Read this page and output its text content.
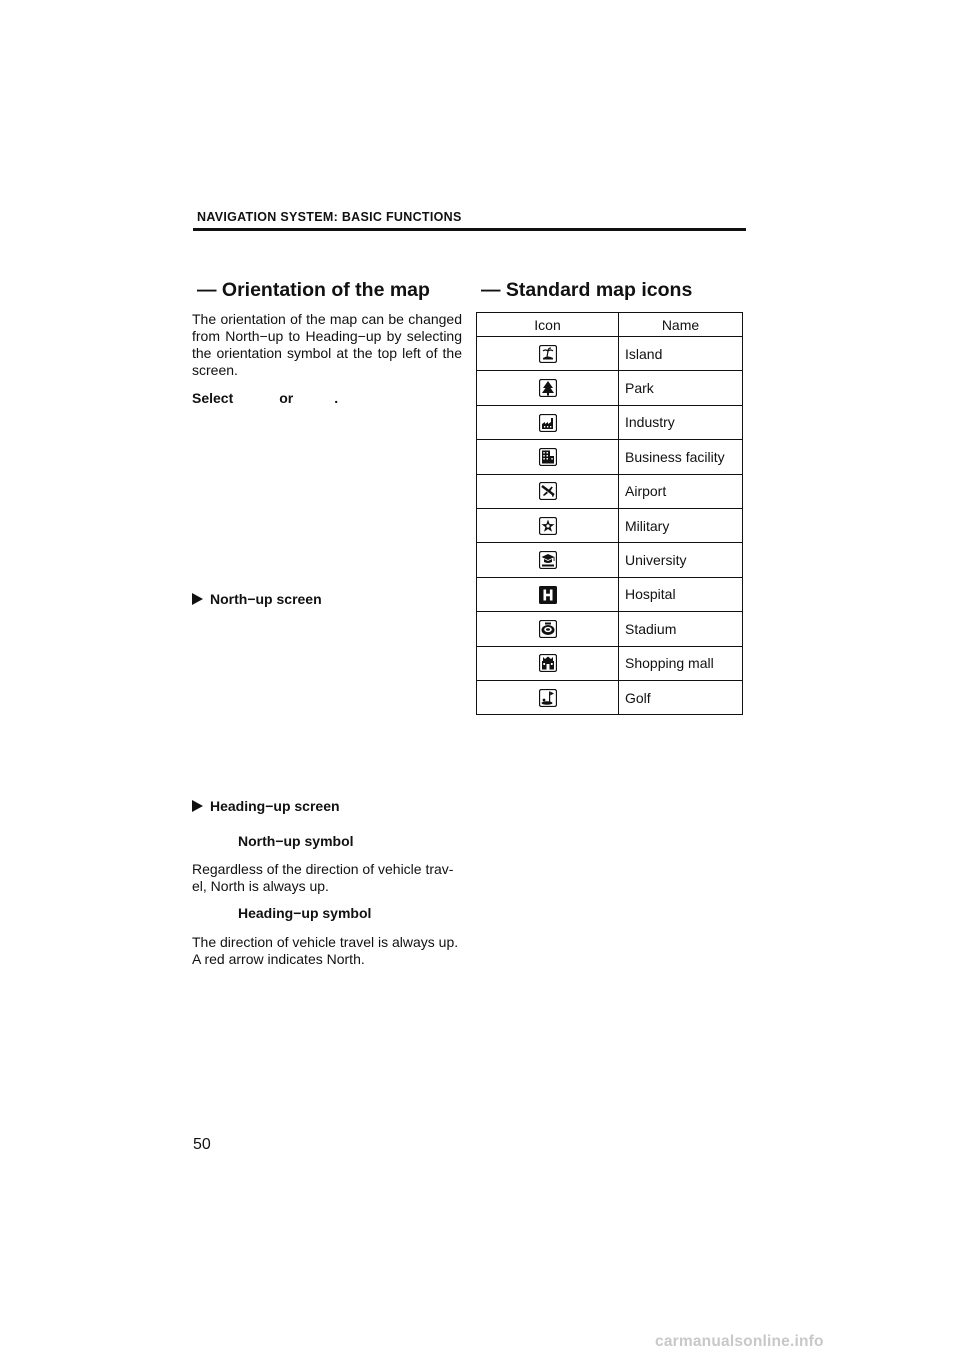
NAVIGATION SYSTEM: BASIC FUNCTIONS
— Orientation of the map

The orientation of the map can be changed from North−up to Heading−up by selecting the orientation symbol at the top left of the screen.

Select	or	.
North−up screen
Heading−up screen
North−up symbol

Regardless of the direction of vehicle trav-el, North is always up.

Heading−up symbol

The direction of vehicle travel is always up. A red arrow indicates North.

— Standard map icons
Icon	Name

	Island

	Park

	Industry

	Business facility

	Airport

	Military

	University

	Hospital

	Stadium

	Shopping mall

	Golf
50
carmanualsonline.info
